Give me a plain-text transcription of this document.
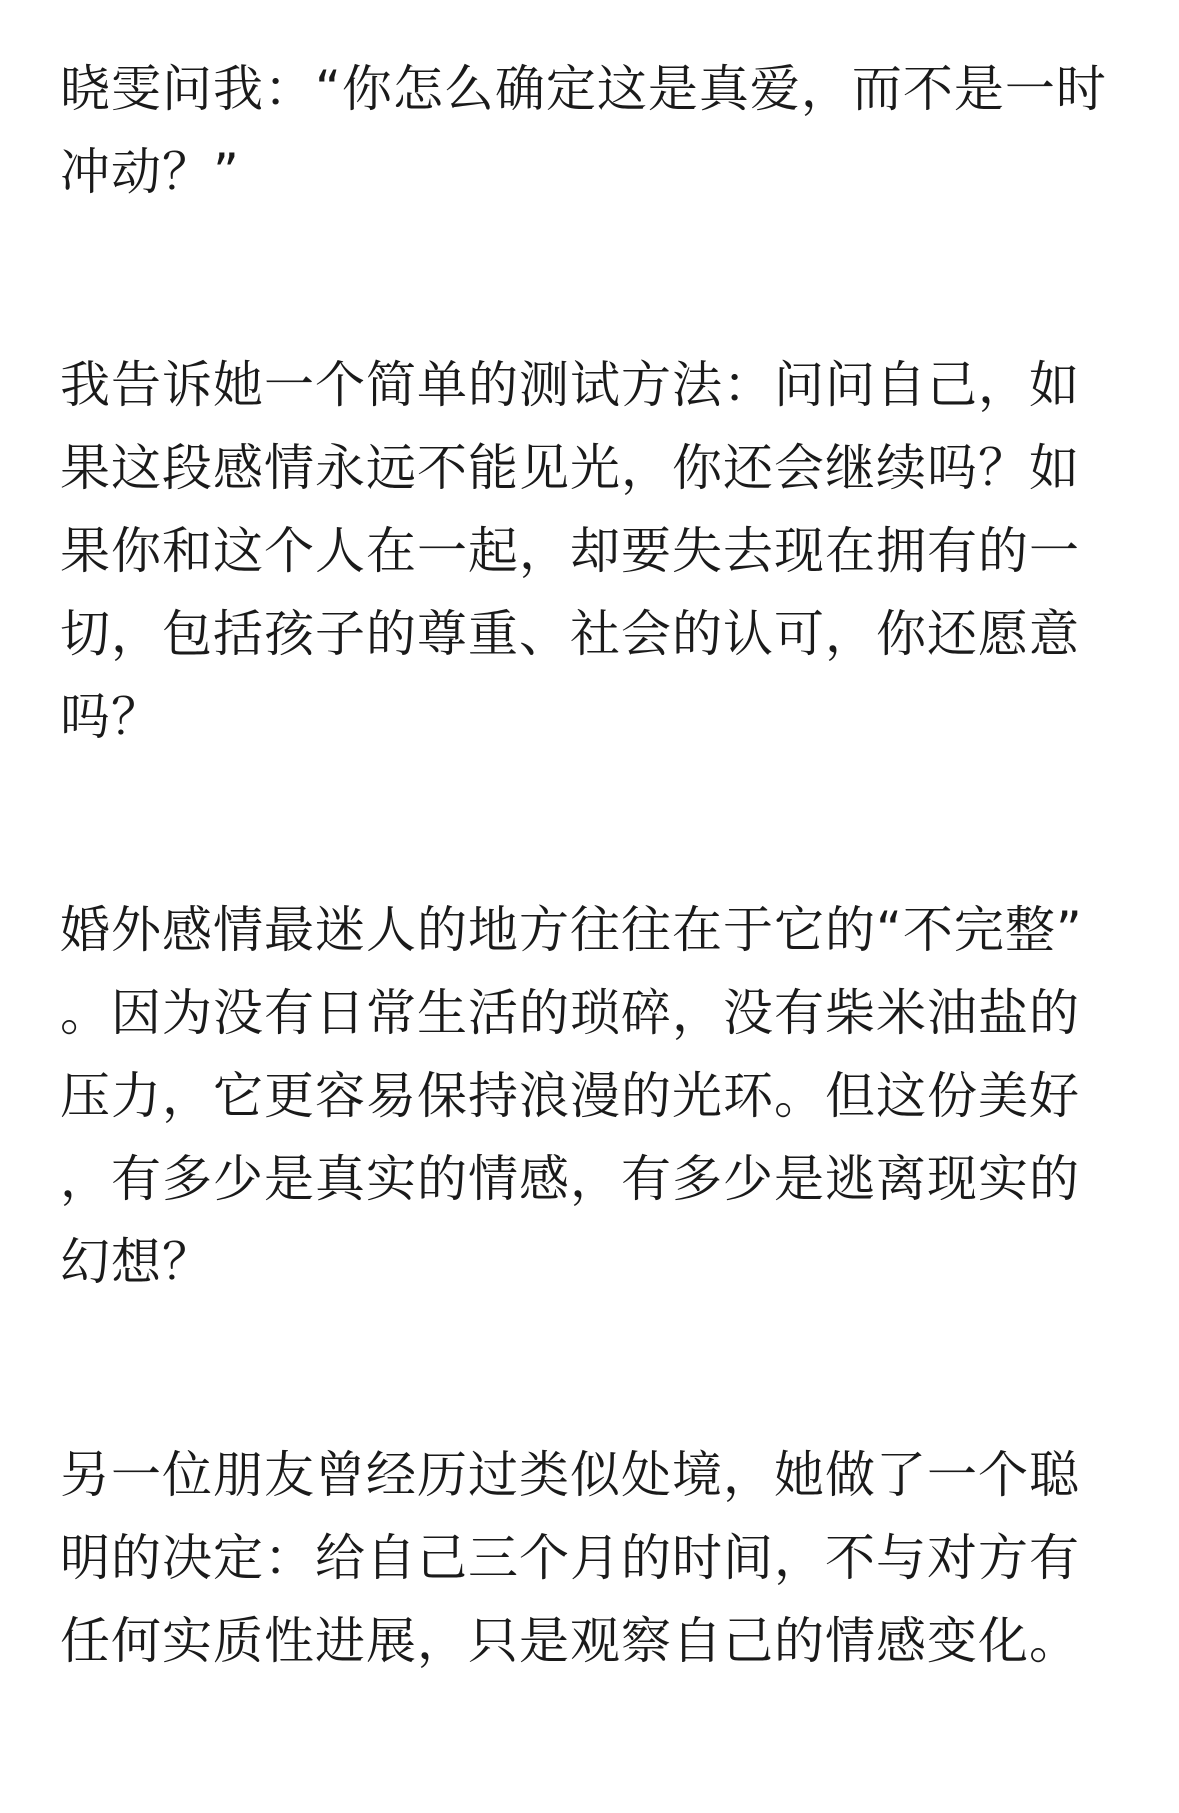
晓雯问我：“你怎么确定这是真爱，而不是一时冲动？”

我告诉她一个简单的测试方法：问问自己，如果这段感情永远不能见光，你还会继续吗？如果你和这个人在一起，却要失去现在拥有的一切，包括孩子的尊重、社会的认可，你还愿意吗？

婚外感情最迷人的地方往往在于它的“不完整”。因为没有日常生活的琐碎，没有柴米油盐的压力，它更容易保持浪漫的光环。但这份美好，有多少是真实的情感，有多少是逃离现实的幻想？

另一位朋友曾经历过类似处境，她做了一个聪明的决定：给自己三个月的时间，不与对方有任何实质性进展，只是观察自己的情感变化。
